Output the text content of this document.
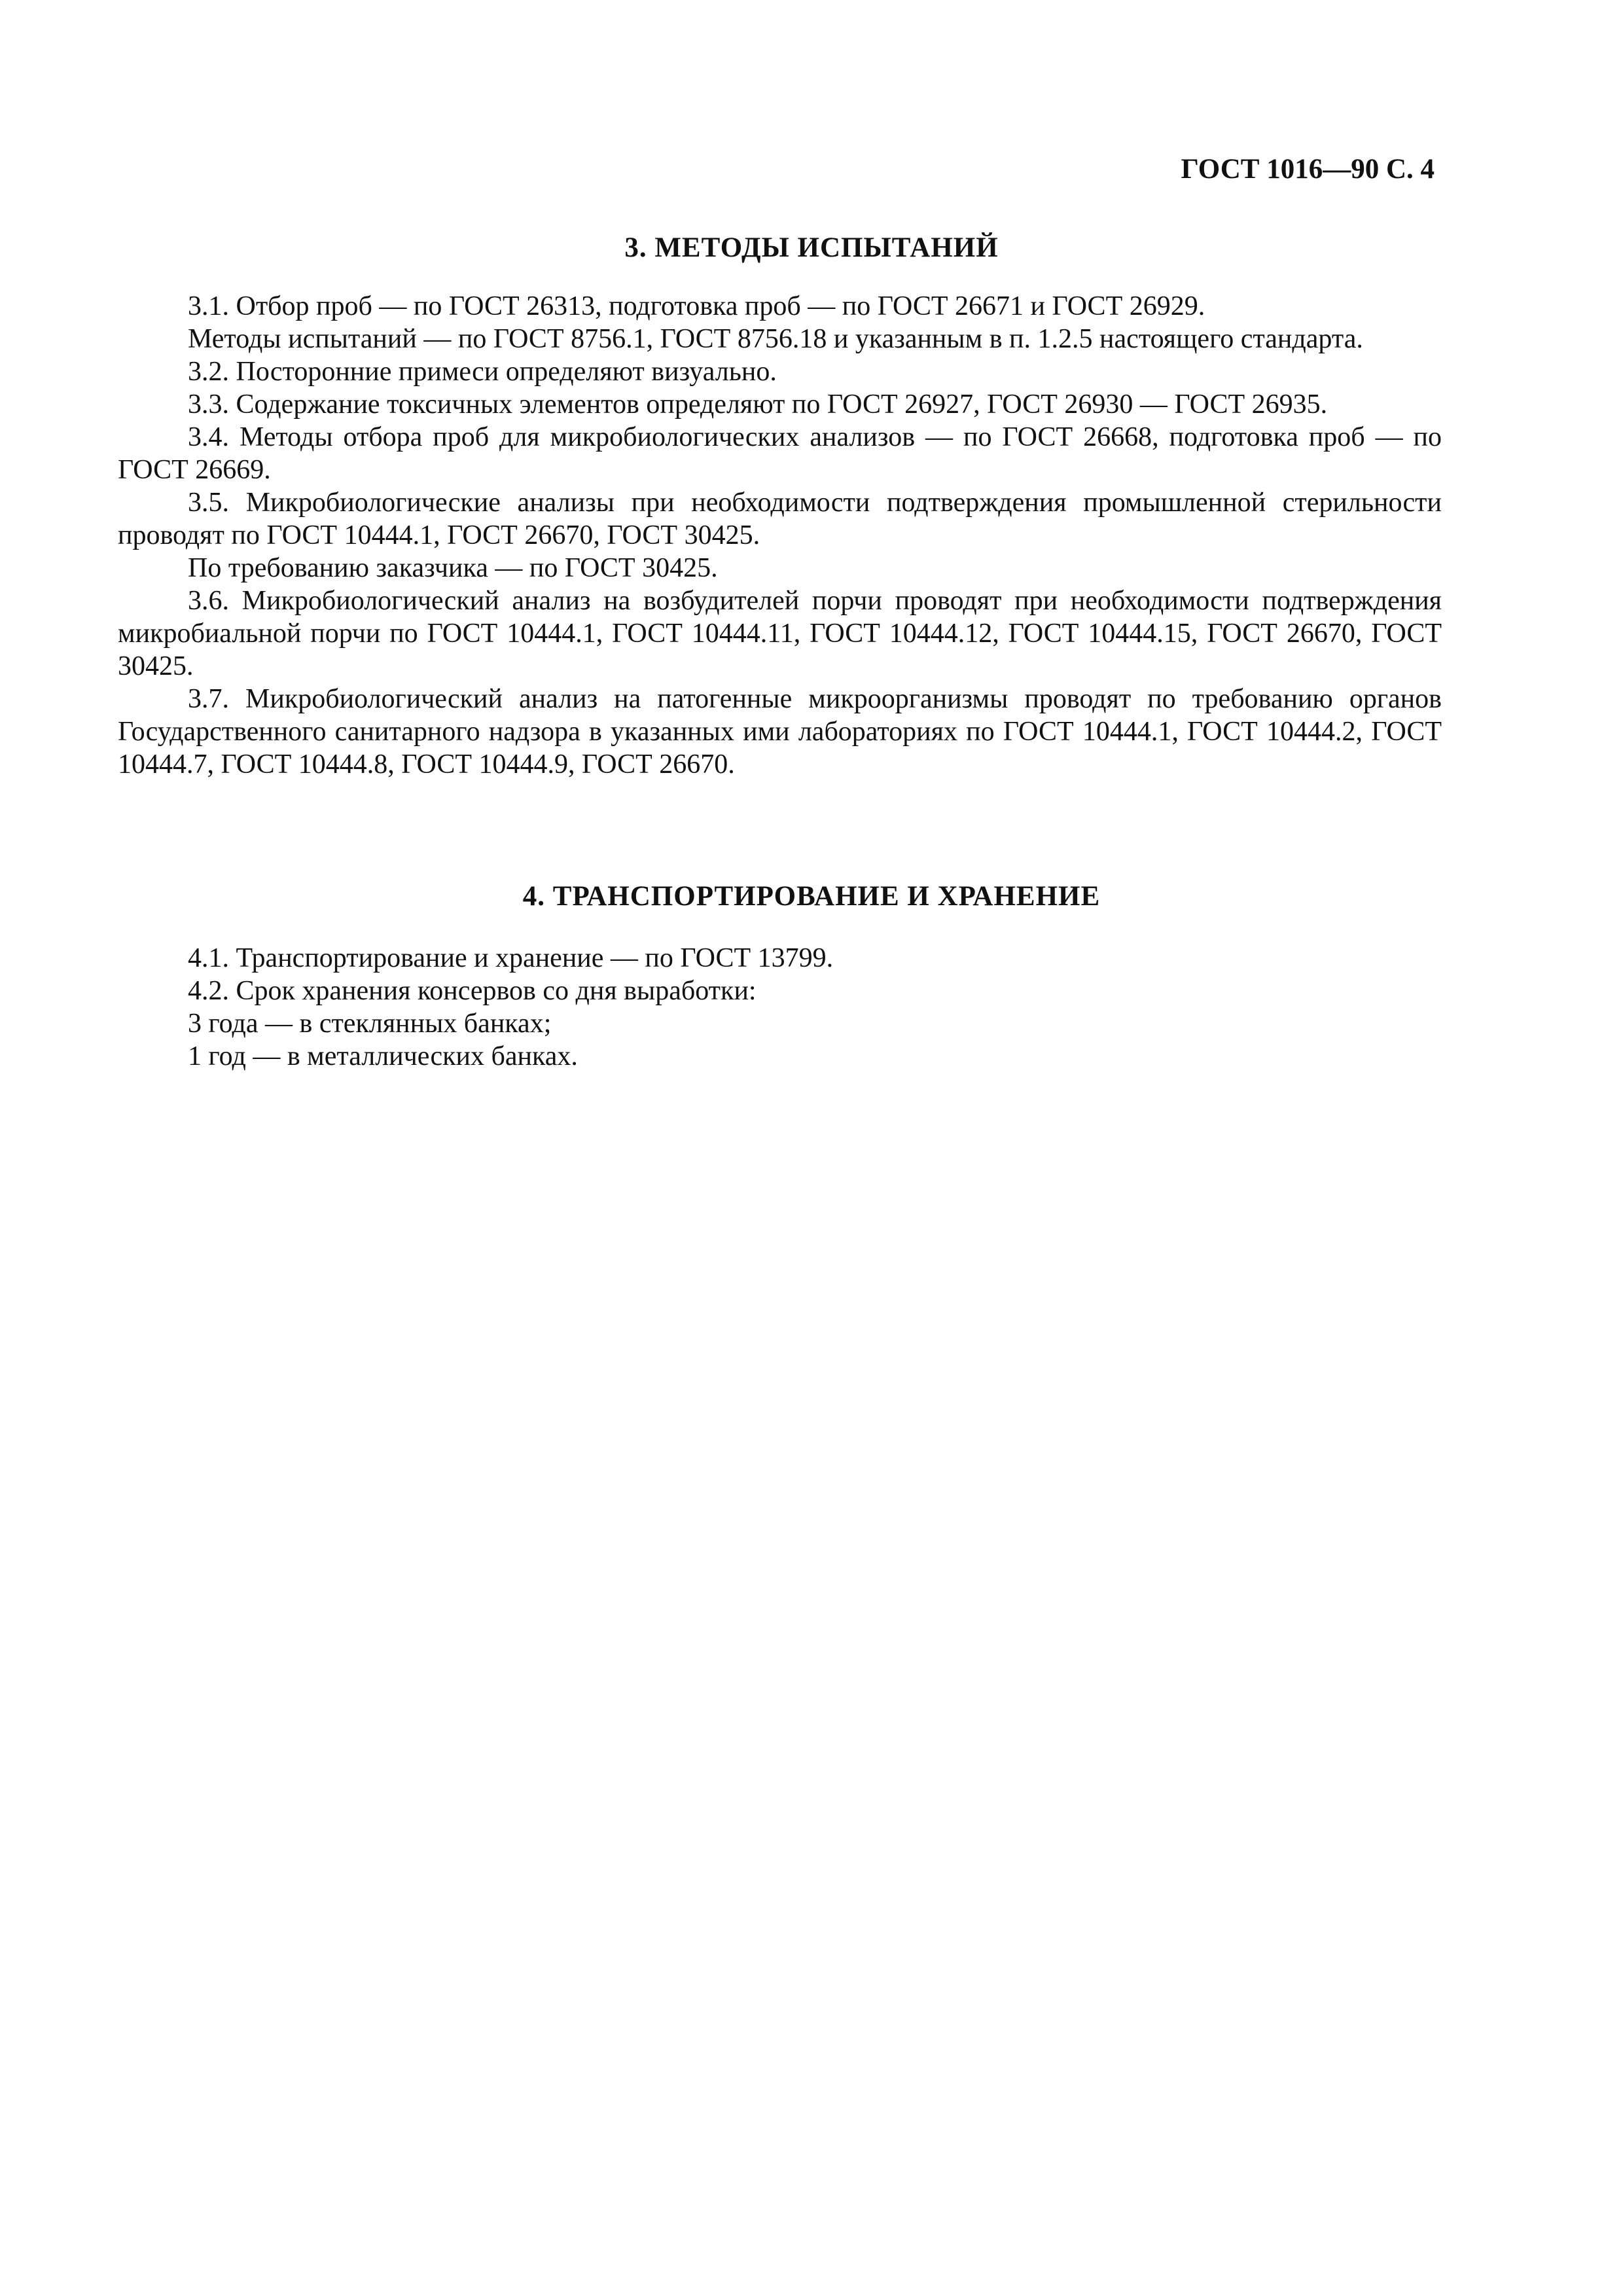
ГОСТ 1016—90 С. 4
3. МЕТОДЫ ИСПЫТАНИЙ

3.1. Отбор проб — по ГОСТ 26313, подготовка проб — по ГОСТ 26671 и ГОСТ 26929.

Методы испытаний — по ГОСТ 8756.1, ГОСТ 8756.18 и указанным в п. 1.2.5 настоящего стандарта.

3.2. Посторонние примеси определяют визуально.

3.3. Содержание токсичных элементов определяют по ГОСТ 26927, ГОСТ 26930 — ГОСТ 26935.

3.4. Методы отбора проб для микробиологических анализов — по ГОСТ 26668, подготовка проб — по ГОСТ 26669.

3.5. Микробиологические анализы при необходимости подтверждения промышленной стерильности проводят по ГОСТ 10444.1, ГОСТ 26670, ГОСТ 30425.

По требованию заказчика — по ГОСТ 30425.

3.6. Микробиологический анализ на возбудителей порчи проводят при необходимости подтверждения микробиальной порчи по ГОСТ 10444.1, ГОСТ 10444.11, ГОСТ 10444.12, ГОСТ 10444.15, ГОСТ 26670, ГОСТ 30425.

3.7. Микробиологический анализ на патогенные микроорганизмы проводят по требованию органов Государственного санитарного надзора в указанных ими лабораториях по ГОСТ 10444.1, ГОСТ 10444.2, ГОСТ 10444.7, ГОСТ 10444.8, ГОСТ 10444.9, ГОСТ 26670.

4. ТРАНСПОРТИРОВАНИЕ И ХРАНЕНИЕ

4.1. Транспортирование и хранение — по ГОСТ 13799.

4.2. Срок хранения консервов со дня выработки:

3 года — в стеклянных банках;

1 год — в металлических банках.
